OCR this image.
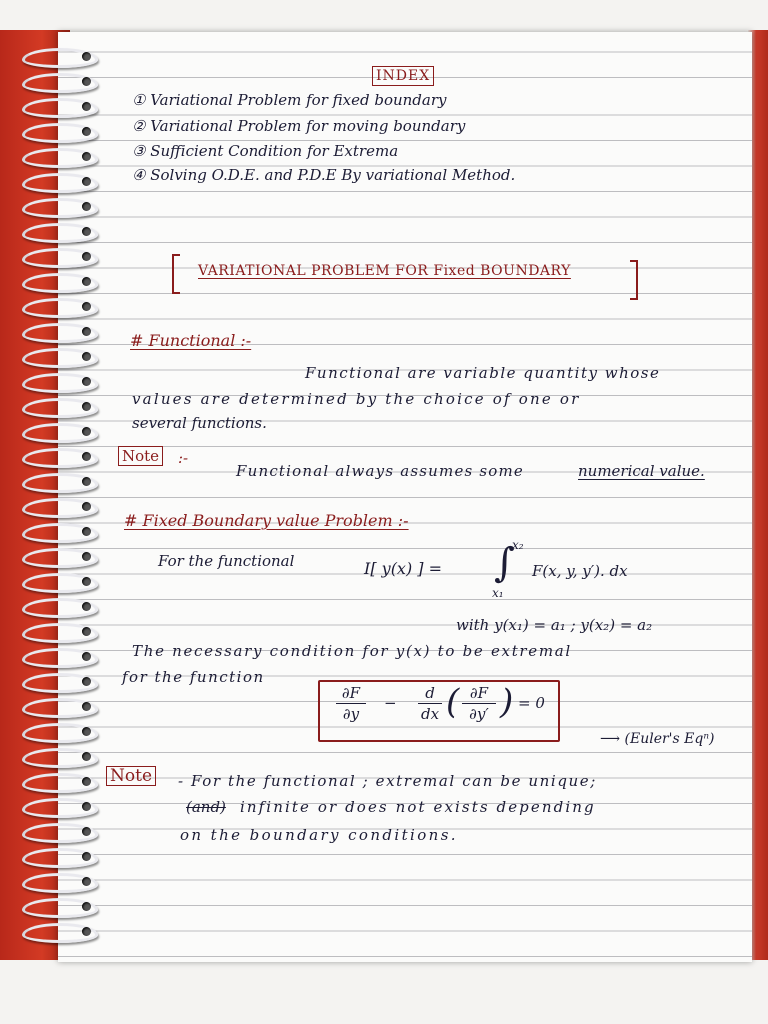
INDEX
① Variational Problem for fixed boundary
② Variational Problem for moving boundary
③ Sufficient Condition for Extrema
④ Solving O.D.E. and P.D.E By variational Method.
VARIATIONAL PROBLEM FOR Fixed BOUNDARY
# Functional :-
Functional are variable quantity whose
values are determined by the choice of one or
several functions.
Note :-
Functional always assumes some	numerical value.
# Fixed Boundary value Problem :-
For the functional	I[ y(x) ] = ∫
x₂
x₁
F(x, y, y′). dx
with y(x₁) = a₁ ; y(x₂) = a₂
The necessary condition for y(x) to be extremal
for the function
∂F
∂y
−
d
dx ( ∂F
∂y′ ) = 0
⟶ (Euler's Eqⁿ)
Note - For the functional ; extremal can be unique;
(and) infinite or does not exists depending
on the boundary conditions.
